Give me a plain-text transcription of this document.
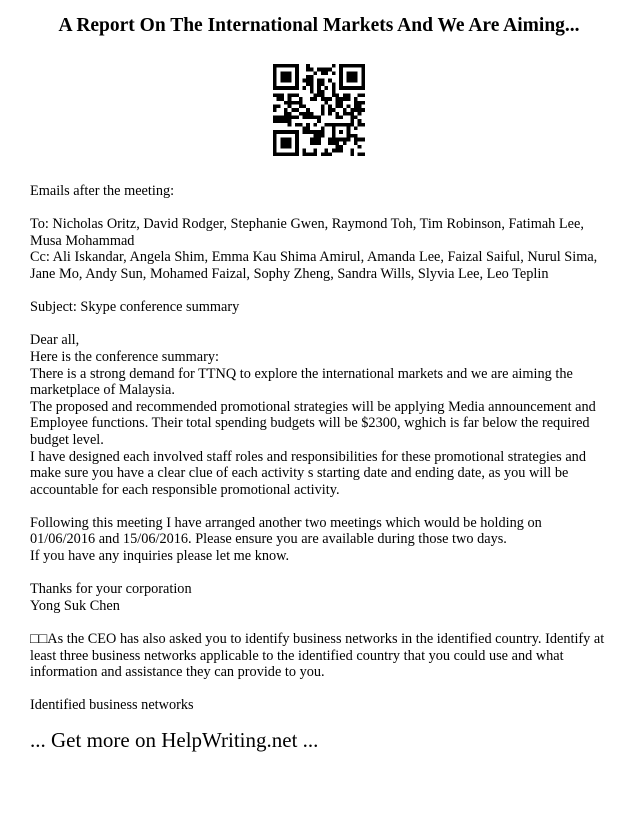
A Report On The International Markets And We Are Aiming...

Emails after the meeting:

To: Nicholas Oritz, David Rodger, Stephanie Gwen, Raymond Toh, Tim Robinson, Fatimah Lee, Musa Mohammad

Cc: Ali Iskandar, Angela Shim, Emma Kau Shima Amirul, Amanda Lee, Faizal Saiful, Nurul Sima, Jane Mo, Andy Sun, Mohamed Faizal, Sophy Zheng, Sandra Wills, Slyvia Lee, Leo Teplin

Subject: Skype conference summary

Dear all,

Here is the conference summary:

There is a strong demand for TTNQ to explore the international markets and we are aiming the marketplace of Malaysia.

The proposed and recommended promotional strategies will be applying Media announcement and Employee functions. Their total spending budgets will be $2300, wghich is far below the required budget level.

I have designed each involved staff roles and responsibilities for these promotional strategies and make sure you have a clear clue of each activity s starting date and ending date, as you will be accountable for each responsible promotional activity.

Following this meeting I have arranged another two meetings which would be holding on 01/06/2016 and 15/06/2016. Please ensure you are available during those two days.

If you have any inquiries please let me know.

Thanks for your corporation

Yong Suk Chen

□□As the CEO has also asked you to identify business networks in the identified country. Identify at least three business networks applicable to the identified country that you could use and what information and assistance they can provide to you.

Identified business networks

... Get more on HelpWriting.net ...
